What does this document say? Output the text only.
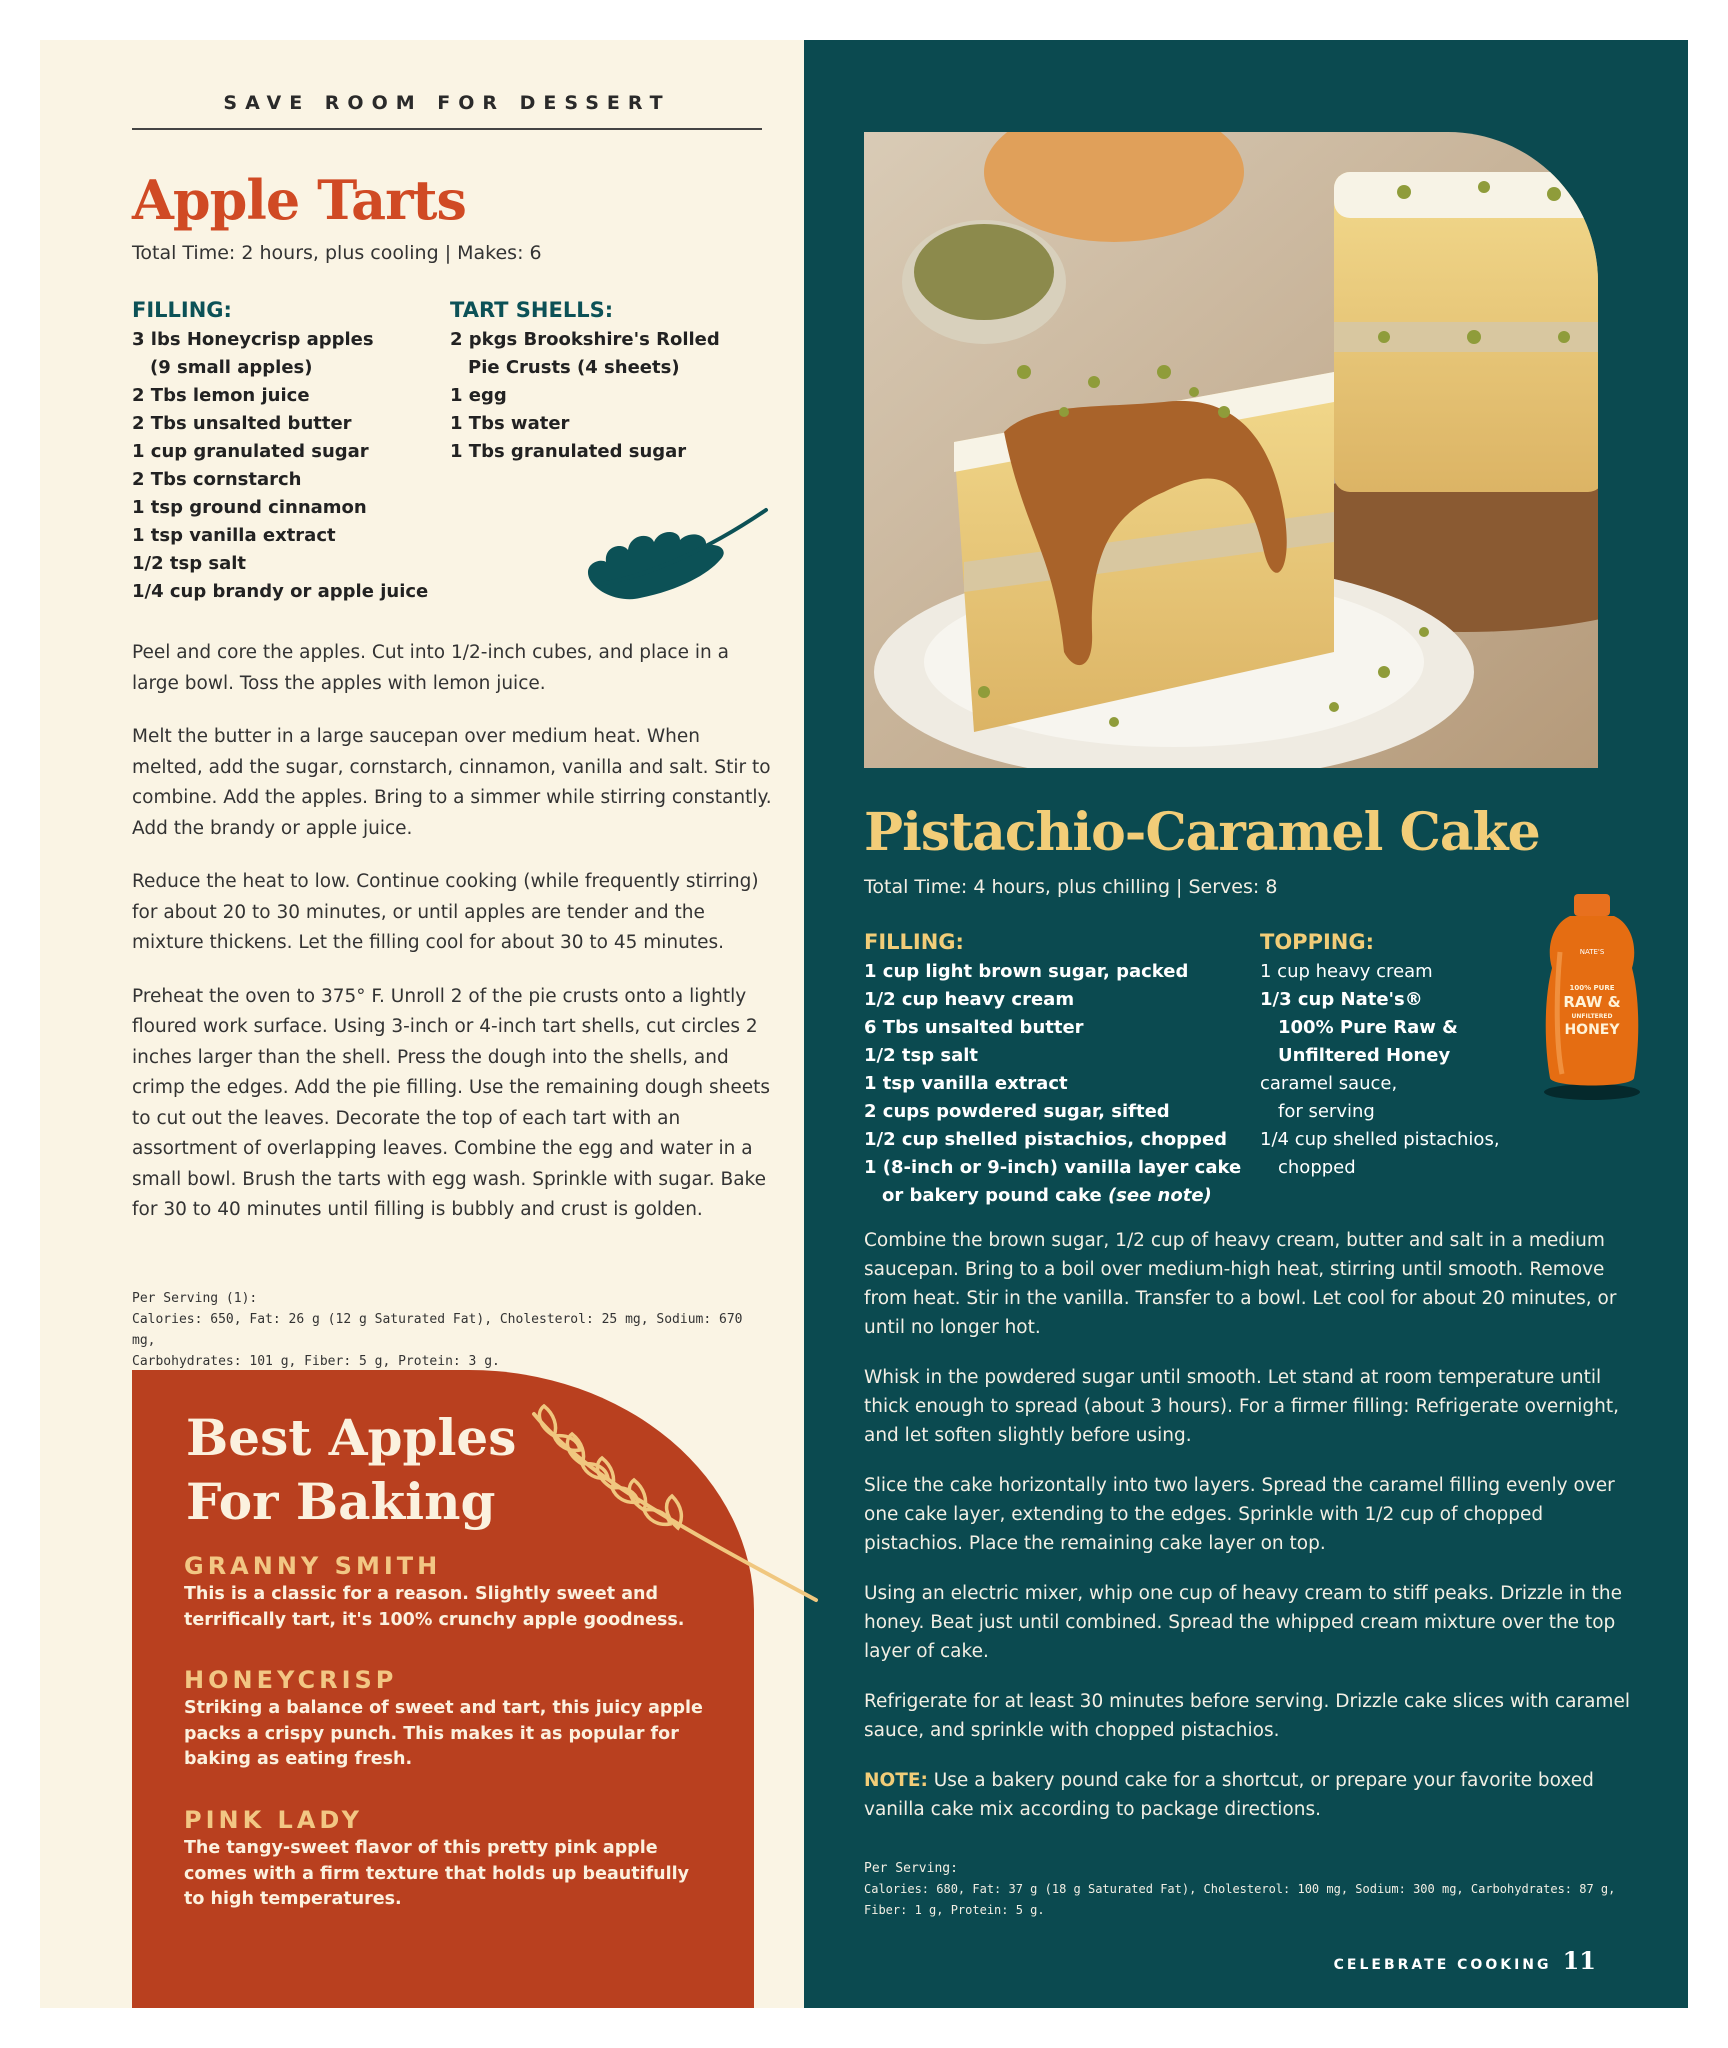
SAVE ROOM FOR DESSERT
Apple Tarts
Total Time: 2 hours, plus cooling | Makes: 6
FILLING:
3 lbs Honeycrisp apples
(9 small apples)
2 Tbs lemon juice
2 Tbs unsalted butter
1 cup granulated sugar
2 Tbs cornstarch
1 tsp ground cinnamon
1 tsp vanilla extract
1/2 tsp salt
1/4 cup brandy or apple juice
TART SHELLS:
2 pkgs Brookshire's Rolled
Pie Crusts (4 sheets)
1 egg
1 Tbs water
1 Tbs granulated sugar

Peel and core the apples. Cut into 1/2-inch cubes, and place in a large bowl. Toss the apples with lemon juice.

Melt the butter in a large saucepan over medium heat. When melted, add the sugar, cornstarch, cinnamon, vanilla and salt. Stir to combine. Add the apples. Bring to a simmer while stirring constantly. Add the brandy or apple juice.

Reduce the heat to low. Continue cooking (while frequently stirring) for about 20 to 30 minutes, or until apples are tender and the mixture thickens. Let the filling cool for about 30 to 45 minutes.

Preheat the oven to 375° F. Unroll 2 of the pie crusts onto a lightly floured work surface. Using 3-inch or 4-inch tart shells, cut circles 2 inches larger than the shell. Press the dough into the shells, and crimp the edges. Add the pie filling. Use the remaining dough sheets to cut out the leaves. Decorate the top of each tart with an assortment of overlapping leaves. Combine the egg and water in a small bowl. Brush the tarts with egg wash. Sprinkle with sugar. Bake for 30 to 40 minutes until filling is bubbly and crust is golden.

Per Serving (1):
Calories: 650, Fat: 26 g (12 g Saturated Fat), Cholesterol: 25 mg, Sodium: 670 mg,
Carbohydrates: 101 g, Fiber: 5 g, Protein: 3 g.
Best Apples
For Baking
GRANNY SMITH
This is a classic for a reason. Slightly sweet and terrifically tart, it's 100% crunchy apple goodness.
HONEYCRISP
Striking a balance of sweet and tart, this juicy apple packs a crispy punch. This makes it as popular for baking as eating fresh.
PINK LADY
The tangy-sweet flavor of this pretty pink apple comes with a firm texture that holds up beautifully to high temperatures.
Pistachio-Caramel Cake
Total Time: 4 hours, plus chilling | Serves: 8
FILLING:
1 cup light brown sugar, packed
1/2 cup heavy cream
6 Tbs unsalted butter
1/2 tsp salt
1 tsp vanilla extract
2 cups powdered sugar, sifted
1/2 cup shelled pistachios, chopped
1 (8-inch or 9-inch) vanilla layer cake
or bakery pound cake (see note)
TOPPING:
1 cup heavy cream
1/3 cup Nate's®
100% Pure Raw &
Unfiltered Honey
caramel sauce,
for serving
1/4 cup shelled pistachios,
chopped
NATE'S
100% PURE
RAW &
UNFILTERED
HONEY

Combine the brown sugar, 1/2 cup of heavy cream, butter and salt in a medium saucepan. Bring to a boil over medium-high heat, stirring until smooth. Remove from heat. Stir in the vanilla. Transfer to a bowl. Let cool for about 20 minutes, or until no longer hot.

Whisk in the powdered sugar until smooth. Let stand at room temperature until thick enough to spread (about 3 hours). For a firmer filling: Refrigerate overnight, and let soften slightly before using.

Slice the cake horizontally into two layers. Spread the caramel filling evenly over one cake layer, extending to the edges. Sprinkle with 1/2 cup of chopped pistachios. Place the remaining cake layer on top.

Using an electric mixer, whip one cup of heavy cream to stiff peaks. Drizzle in the honey. Beat just until combined. Spread the whipped cream mixture over the top layer of cake.

Refrigerate for at least 30 minutes before serving. Drizzle cake slices with caramel sauce, and sprinkle with chopped pistachios.

NOTE: Use a bakery pound cake for a shortcut, or prepare your favorite boxed vanilla cake mix according to package directions.

Per Serving:
Calories: 680, Fat: 37 g (18 g Saturated Fat), Cholesterol: 100 mg, Sodium: 300 mg, Carbohydrates: 87 g, Fiber: 1 g, Protein: 5 g.
CELEBRATE COOKING 11
